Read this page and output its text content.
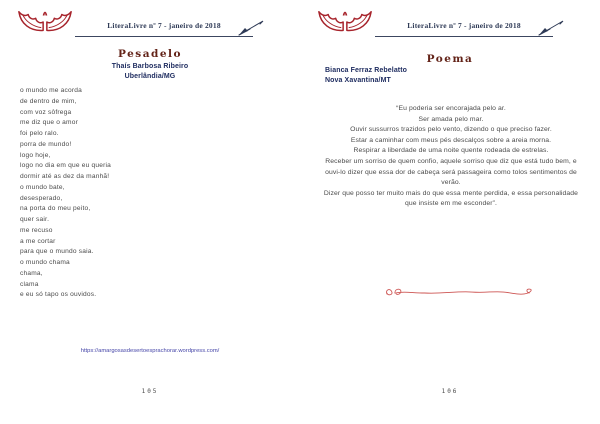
LiteraLivre nº 7 - janeiro de 2018
Pesadelo
Thaís Barbosa Ribeiro
Uberlândia/MG
o mundo me acorda
de dentro de mim,
com voz sôfrega
me diz que o amor
foi pelo ralo.
porra de mundo!
logo hoje,
logo no dia em que eu queria
dormir até as dez da manhã!
o mundo bate,
desesperado,
na porta do meu peito,
quer sair.
me recuso
a me cortar
para que o mundo saia.
o mundo chama
chama,
clama
e eu só tapo os ouvidos.
https://amargosasdesertoesprachorar.wordpress.com/
105
LiteraLivre nº 7 - janeiro de 2018
Poema
Bianca Ferraz Rebelatto
Nova Xavantina/MT
“Eu poderia ser encorajada pelo ar.
Ser amada pelo mar.
Ouvir sussurros trazidos pelo vento, dizendo o que preciso fazer.
Estar a caminhar com meus pés descalços sobre a areia morna.
Respirar a liberdade de uma noite quente rodeada de estrelas.
Receber um sorriso de quem confio, aquele sorriso que diz que está tudo bem, e
ouvi-lo dizer que essa dor de cabeça será passageira como tolos sentimentos de
verão.
Dizer que posso ter muito mais do que essa mente perdida, e essa personalidade
que insiste em me esconder”.
106
